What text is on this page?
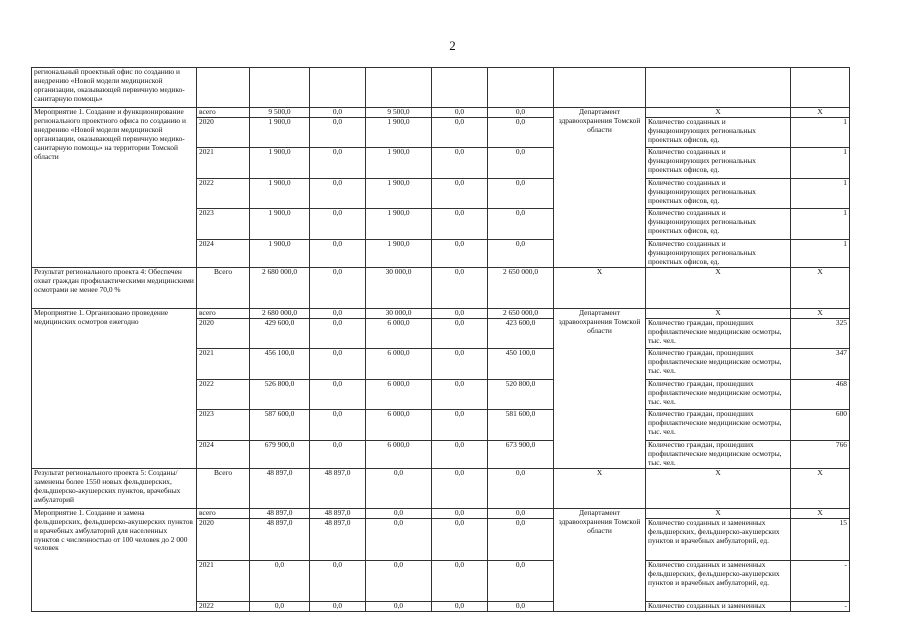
2
региональный проектный офис по созданию и внедрению «Новой модели медицинской организации, оказывающей первичную медико-санитарную помощь»									
Мероприятие 1. Создание и функционирование регионального проектного офиса по созданию и внедрению «Новой модели медицинской организации, оказывающей первичную медико-санитарную помощь» на территории Томской области	всего	9 500,0	0,0	9 500,0	0,0	0,0	Департамент здравоохранения Томской области	Х	Х
	2020	1 900,0	0,0	1 900,0	0,0	0,0		Количество созданных и функционирующих региональных проектных офисов, ед.	1
	2021	1 900,0	0,0	1 900,0	0,0	0,0		Количество созданных и функционирующих региональных проектных офисов, ед.	1
	2022	1 900,0	0,0	1 900,0	0,0	0,0		Количество созданных и функционирующих региональных проектных офисов, ед.	1
	2023	1 900,0	0,0	1 900,0	0,0	0,0		Количество созданных и функционирующих региональных проектных офисов, ед.	1
	2024	1 900,0	0,0	1 900,0	0,0	0,0		Количество созданных и функционирующих региональных проектных офисов, ед.	1
Результат регионального проекта 4: Обеспечен охват граждан профилактическими медицинскими осмотрами не менее 70,0 %	Всего	2 680 000,0	0,0	30 000,0	0,0	2 650 000,0	Х	Х	Х
Мероприятие 1. Организовано проведение медицинских осмотров ежегодно	всего	2 680 000,0	0,0	30 000,0	0,0	2 650 000,0	Департамент здравоохранения Томской области	Х	Х
	2020	429 600,0	0,0	6 000,0	0,0	423 600,0		Количество граждан, прошедших профилактические медицинские осмотры, тыс. чел.	325
	2021	456 100,0	0,0	6 000,0	0,0	450 100,0		Количество граждан, прошедших профилактические медицинские осмотры, тыс. чел.	347
	2022	526 800,0	0,0	6 000,0	0,0	520 800,0		Количество граждан, прошедших профилактические медицинские осмотры, тыс. чел.	468
	2023	587 600,0	0,0	6 000,0	0,0	581 600,0		Количество граждан, прошедших профилактические медицинские осмотры, тыс. чел.	600
	2024	679 900,0	0,0	6 000,0	0,0	673 900,0		Количество граждан, прошедших профилактические медицинские осмотры, тыс. чел.	766
Результат регионального проекта 5: Созданы/заменены более 1550 новых фельдшерских, фельдшерско-акушерских пунктов, врачебных амбулаторий	Всего	48 897,0	48 897,0	0,0	0,0	0,0	Х	Х	Х
Мероприятие 1. Создание и замена фельдшерских, фельдшерско-акушерских пунктов и врачебных амбулаторий для населенных пунктов с численностью от 100 человек до 2 000 человек	всего	48 897,0	48 897,0	0,0	0,0	0,0	Департамент здравоохранения Томской области	Х	Х
	2020	48 897,0	48 897,0	0,0	0,0	0,0		Количество созданных и замененных фельдшерских, фельдшерско-акушерских пунктов и врачебных амбулаторий, ед.	15
	2021	0,0	0,0	0,0	0,0	0,0		Количество созданных и замененных фельдшерских, фельдшерско-акушерских пунктов и врачебных амбулаторий, ед.	-
	2022	0,0	0,0	0,0	0,0	0,0		Количество созданных и замененных	-
